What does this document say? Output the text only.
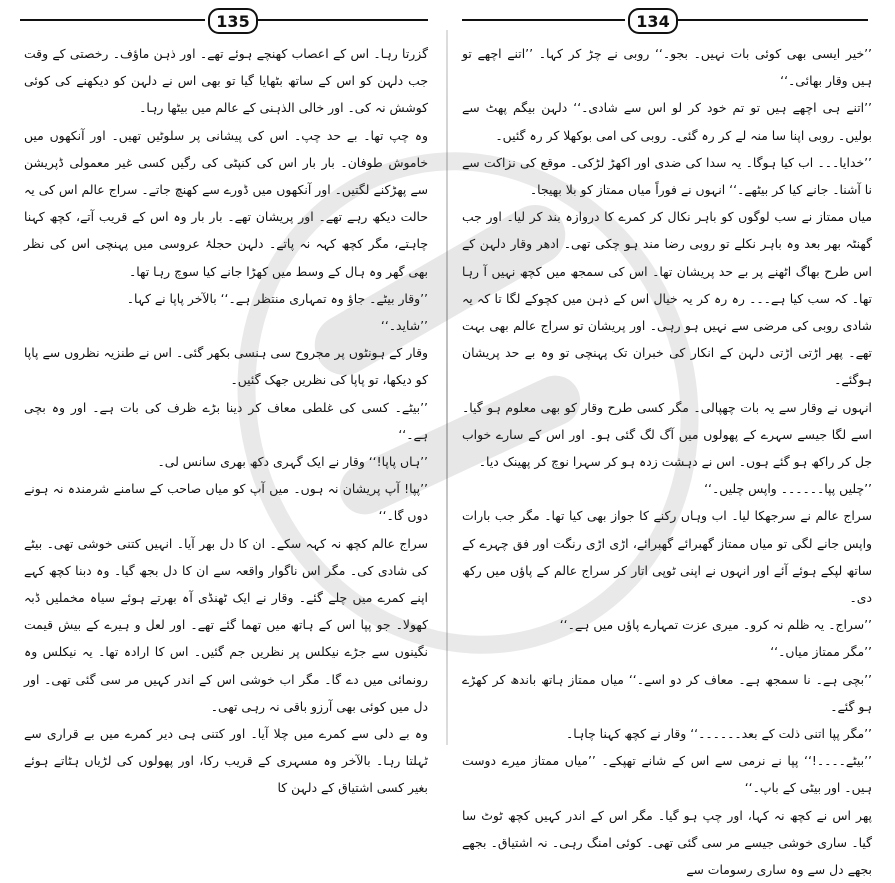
135

گزرتا رہا۔ اس کے اعصاب کھنچے ہوئے تھے۔ اور ذہن ماؤف۔ رخصتی کے وقت جب دلہن کو اس کے ساتھ بٹھایا گیا تو بھی اس نے دلہن کو دیکھنے کی کوئی کوشش نہ کی۔ اور خالی الذہنی کے عالم میں بیٹھا رہا۔

وہ چپ تھا۔ بے حد چپ۔ اس کی پیشانی پر سلوٹیں تھیں۔ اور آنکھوں میں خاموش طوفان۔ بار بار اس کی کنپٹی کی رگیں کسی غیر معمولی ڈپریشن سے پھڑکنے لگتیں۔ اور آنکھوں میں ڈورے سے کھنچ جاتے۔ سراج عالم اس کی یہ حالت دیکھ رہے تھے۔ اور پریشان تھے۔ بار بار وہ اس کے قریب آتے، کچھ کہنا چاہتے، مگر کچھ کہہ نہ پاتے۔ دلہن حجلۂ عروسی میں پہنچی اس کی نظر بھی گھر وہ ہال کے وسط میں کھڑا جانے کیا سوچ رہا تھا۔

’’وقار بیٹے۔ جاؤ وہ تمہاری منتظر ہے۔‘‘ بالآخر پاپا نے کہا۔

’’شاید۔‘‘

وقار کے ہونٹوں پر مجروح سی ہنسی بکھر گئی۔ اس نے طنزیہ نظروں سے پاپا کو دیکھا، تو پاپا کی نظریں جھک گئیں۔

’’بیٹے۔ کسی کی غلطی معاف کر دینا بڑے ظرف کی بات ہے۔ اور وہ بچی ہے۔‘‘

’’ہاں پاپا!‘‘ وقار نے ایک گہری دکھ بھری سانس لی۔

’’پپا! آپ پریشان نہ ہوں۔ میں آپ کو میاں صاحب کے سامنے شرمندہ نہ ہونے دوں گا۔‘‘

سراج عالم کچھ نہ کہہ سکے۔ ان کا دل بھر آیا۔ انہیں کتنی خوشی تھی۔ بیٹے کی شادی کی۔ مگر اس ناگوار واقعہ سے ان کا دل بجھ گیا۔ وہ دبنا کچھ کہے اپنے کمرے میں چلے گئے۔ وقار نے ایک ٹھنڈی آہ بھرتے ہوئے سیاہ مخملیں ڈبہ کھولا۔ جو پپا اس کے ہاتھ میں تھما گئے تھے۔ اور لعل و ہیرے کے بیش قیمت نگینوں سے جڑے نیکلس پر نظریں جم گئیں۔ اس کا ارادہ تھا۔ یہ نیکلس وہ رونمائی میں دے گا۔ مگر اب خوشی اس کے اندر کہیں مر سی گئی تھی۔ اور دل میں کوئی بھی آرزو باقی نہ رہی تھی۔

وہ بے دلی سے کمرے میں چلا آیا۔ اور کتنی ہی دیر کمرے میں بے قراری سے ٹہلتا رہا۔ بالآخر وہ مسہری کے قریب رکا، اور پھولوں کی لڑیاں ہٹاتے ہوئے بغیر کسی اشتیاق کے دلہن کا

134

’’خیر ایسی بھی کوئی بات نہیں۔ بجو۔‘‘ روبی نے چڑ کر کہا۔ ’’اتنے اچھے تو ہیں وقار بھائی۔‘‘

’’اتنے ہی اچھے ہیں تو تم خود کر لو اس سے شادی۔‘‘ دلہن بیگم پھٹ سے بولیں۔ روبی اپنا سا منہ لے کر رہ گئی۔ روبی کی امی بوکھلا کر رہ گئیں۔

’’خدایا۔۔۔ اب کیا ہوگا۔ یہ سدا کی ضدی اور اکھڑ لڑکی۔ موقع کی نزاکت سے نا آشنا۔ جانے کیا کر بیٹھے۔‘‘ انہوں نے فوراً میاں ممتاز کو بلا بھیجا۔

میاں ممتاز نے سب لوگوں کو باہر نکال کر کمرے کا دروازہ بند کر لیا۔ اور جب گھنٹہ بھر بعد وہ باہر نکلے تو روبی رضا مند ہو چکی تھی۔ ادھر وقار دلہن کے اس طرح بھاگ اٹھنے پر بے حد پریشان تھا۔ اس کی سمجھ میں کچھ نہیں آ رہا تھا۔ کہ سب کیا ہے۔۔۔ رہ رہ کر یہ خیال اس کے ذہن میں کچوکے لگا تا کہ یہ شادی روبی کی مرضی سے نہیں ہو رہی۔ اور پریشان تو سراج عالم بھی بہت تھے۔ پھر اڑتی اڑتی دلہن کے انکار کی خبران تک پہنچی تو وہ بے حد پریشان ہوگئے۔

انہوں نے وقار سے یہ بات چھپالی۔ مگر کسی طرح وقار کو بھی معلوم ہو گیا۔ اسے لگا جیسے سہرے کے پھولوں میں آگ لگ گئی ہو۔ اور اس کے سارے خواب جل کر راکھ ہو گئے ہوں۔ اس نے دہشت زدہ ہو کر سہرا نوچ کر پھینک دیا۔

’’چلیں پپا۔۔۔۔۔۔ واپس چلیں۔‘‘

سراج عالم نے سرجھکا لیا۔ اب وہاں رکنے کا جواز بھی کیا تھا۔ مگر جب بارات واپس جانے لگی تو میاں ممتاز گھبرائے گھبرائے، اڑی اڑی رنگت اور فق چہرے کے ساتھ لپکے ہوئے آئے اور انہوں نے اپنی ٹوپی اتار کر سراج عالم کے پاؤں میں رکھ دی۔

’’سراج۔ یہ ظلم نہ کرو۔ میری عزت تمہارے پاؤں میں ہے۔‘‘

’’مگر ممتاز میاں۔‘‘

’’بچی ہے۔ نا سمجھ ہے۔ معاف کر دو اسے۔‘‘ میاں ممتاز ہاتھ باندھ کر کھڑے ہو گئے۔

’’مگر پپا اتنی ذلت کے بعد۔۔۔۔۔۔‘‘ وقار نے کچھ کہنا چاہا۔

’’بیٹے۔۔۔۔!‘‘ پپا نے نرمی سے اس کے شانے تھپکے۔ ’’میاں ممتاز میرے دوست ہیں۔ اور بیٹی کے باپ۔‘‘

پھر اس نے کچھ نہ کہا، اور چپ ہو گیا۔ مگر اس کے اندر کہیں کچھ ٹوٹ سا گیا۔ ساری خوشی جیسے مر سی گئی تھی۔ کوئی امنگ رہی۔ نہ اشتیاق۔ بجھے بجھے دل سے وہ ساری رسومات سے
